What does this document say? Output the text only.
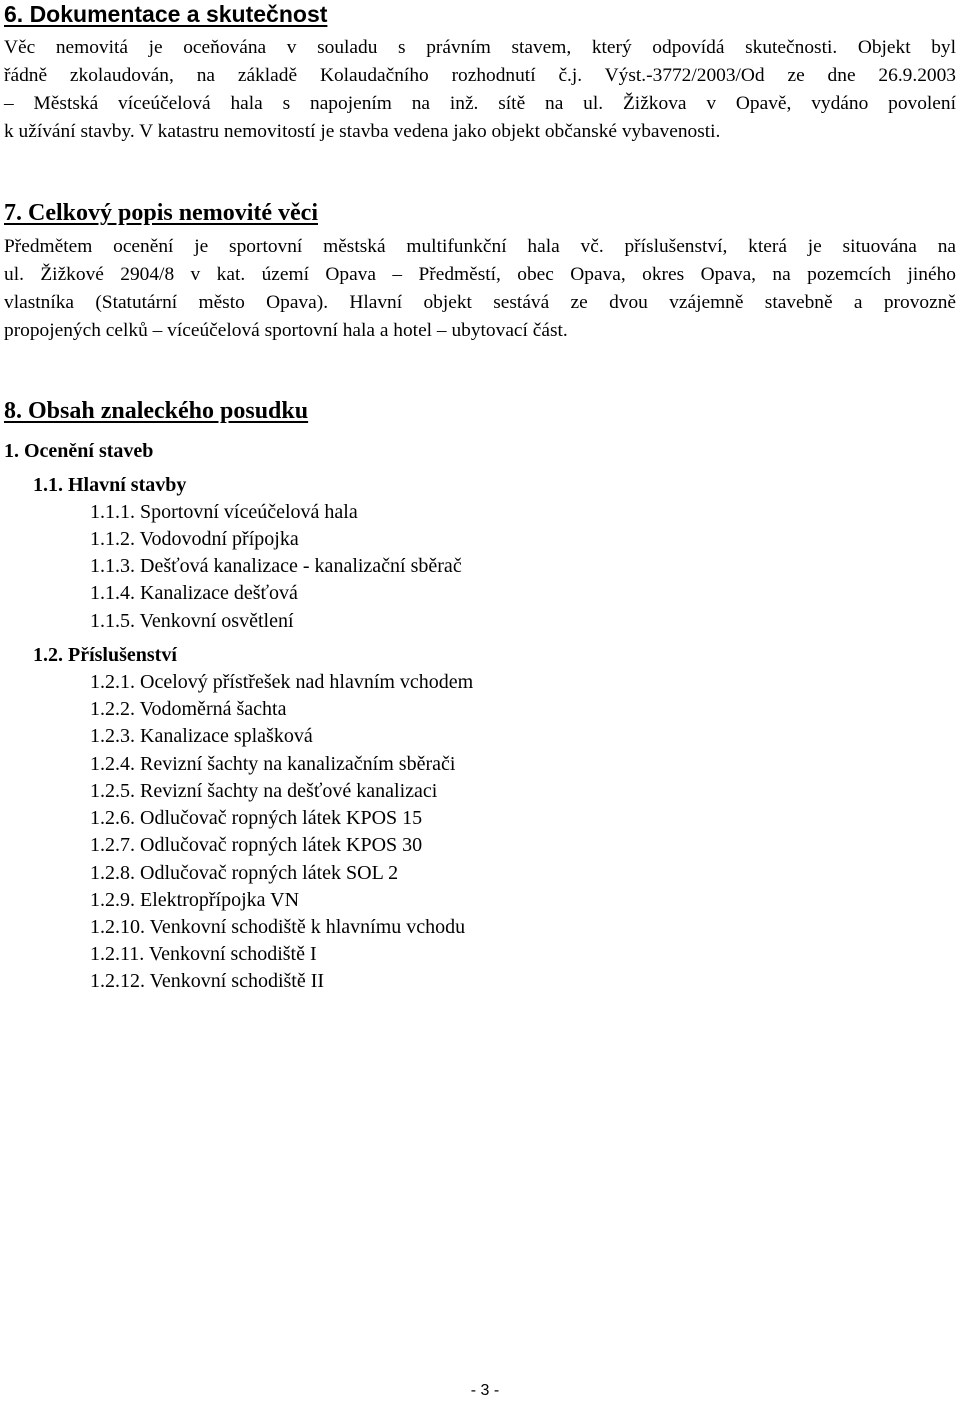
6. Dokumentace a skutečnost

Věc nemovitá je oceňována v souladu s právním stavem, který odpovídá skutečnosti. Objekt byl
řádně zkolaudován, na základě Kolaudačního rozhodnutí č.j. Výst.-3772/2003/Od ze dne 26.9.2003
– Městská víceúčelová hala s napojením na inž. sítě na ul. Žižkova v Opavě, vydáno povolení
k užívání stavby. V katastru nemovitostí je stavba vedena jako objekt občanské vybavenosti.

7. Celkový popis nemovité věci

Předmětem ocenění je sportovní městská multifunkční hala vč. příslušenství, která je situována na
ul. Žižkové 2904/8 v kat. území Opava – Předměstí, obec Opava, okres Opava, na pozemcích jiného
vlastníka (Statutární město Opava). Hlavní objekt sestává ze dvou vzájemně stavebně a provozně
propojených celků – víceúčelová sportovní hala a hotel – ubytovací část.

8. Obsah znaleckého posudku
1. Ocenění staveb
1.1. Hlavní stavby
1.1.1. Sportovní víceúčelová hala
1.1.2. Vodovodní přípojka
1.1.3. Dešťová kanalizace - kanalizační sběrač
1.1.4. Kanalizace dešťová
1.1.5. Venkovní osvětlení
1.2. Příslušenství
1.2.1. Ocelový přístřešek nad hlavním vchodem
1.2.2. Vodoměrná šachta
1.2.3. Kanalizace splašková
1.2.4. Revizní šachty na kanalizačním sběrači
1.2.5. Revizní šachty na dešťové kanalizaci
1.2.6. Odlučovač ropných látek KPOS 15
1.2.7. Odlučovač ropných látek KPOS 30
1.2.8. Odlučovač ropných látek SOL 2
1.2.9. Elektropřípojka VN
1.2.10. Venkovní schodiště k hlavnímu vchodu
1.2.11. Venkovní schodiště I
1.2.12. Venkovní schodiště II
- 3 -
